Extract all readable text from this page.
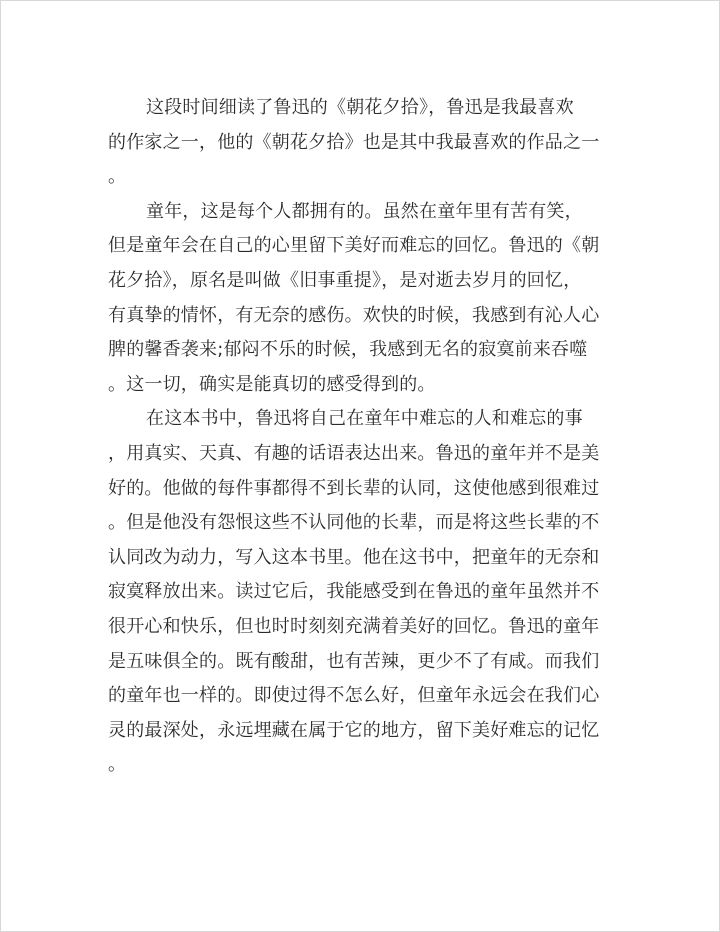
这段时间细读了鲁迅的《朝花夕拾》，鲁迅是我最喜欢
的作家之一，他的《朝花夕拾》也是其中我最喜欢的作品之一
。
童年，这是每个人都拥有的。虽然在童年里有苦有笑，
但是童年会在自己的心里留下美好而难忘的回忆。鲁迅的《朝
花夕拾》，原名是叫做《旧事重提》，是对逝去岁月的回忆，
有真挚的情怀，有无奈的感伤。欢快的时候，我感到有沁人心
脾的馨香袭来;郁闷不乐的时候，我感到无名的寂寞前来吞噬
。这一切，确实是能真切的感受得到的。
在这本书中，鲁迅将自己在童年中难忘的人和难忘的事
，用真实、天真、有趣的话语表达出来。鲁迅的童年并不是美
好的。他做的每件事都得不到长辈的认同，这使他感到很难过
。但是他没有怨恨这些不认同他的长辈，而是将这些长辈的不
认同改为动力，写入这本书里。他在这书中，把童年的无奈和
寂寞释放出来。读过它后，我能感受到在鲁迅的童年虽然并不
很开心和快乐，但也时时刻刻充满着美好的回忆。鲁迅的童年
是五味俱全的。既有酸甜，也有苦辣，更少不了有咸。而我们
的童年也一样的。即使过得不怎么好，但童年永远会在我们心
灵的最深处，永远埋藏在属于它的地方，留下美好难忘的记忆
。
